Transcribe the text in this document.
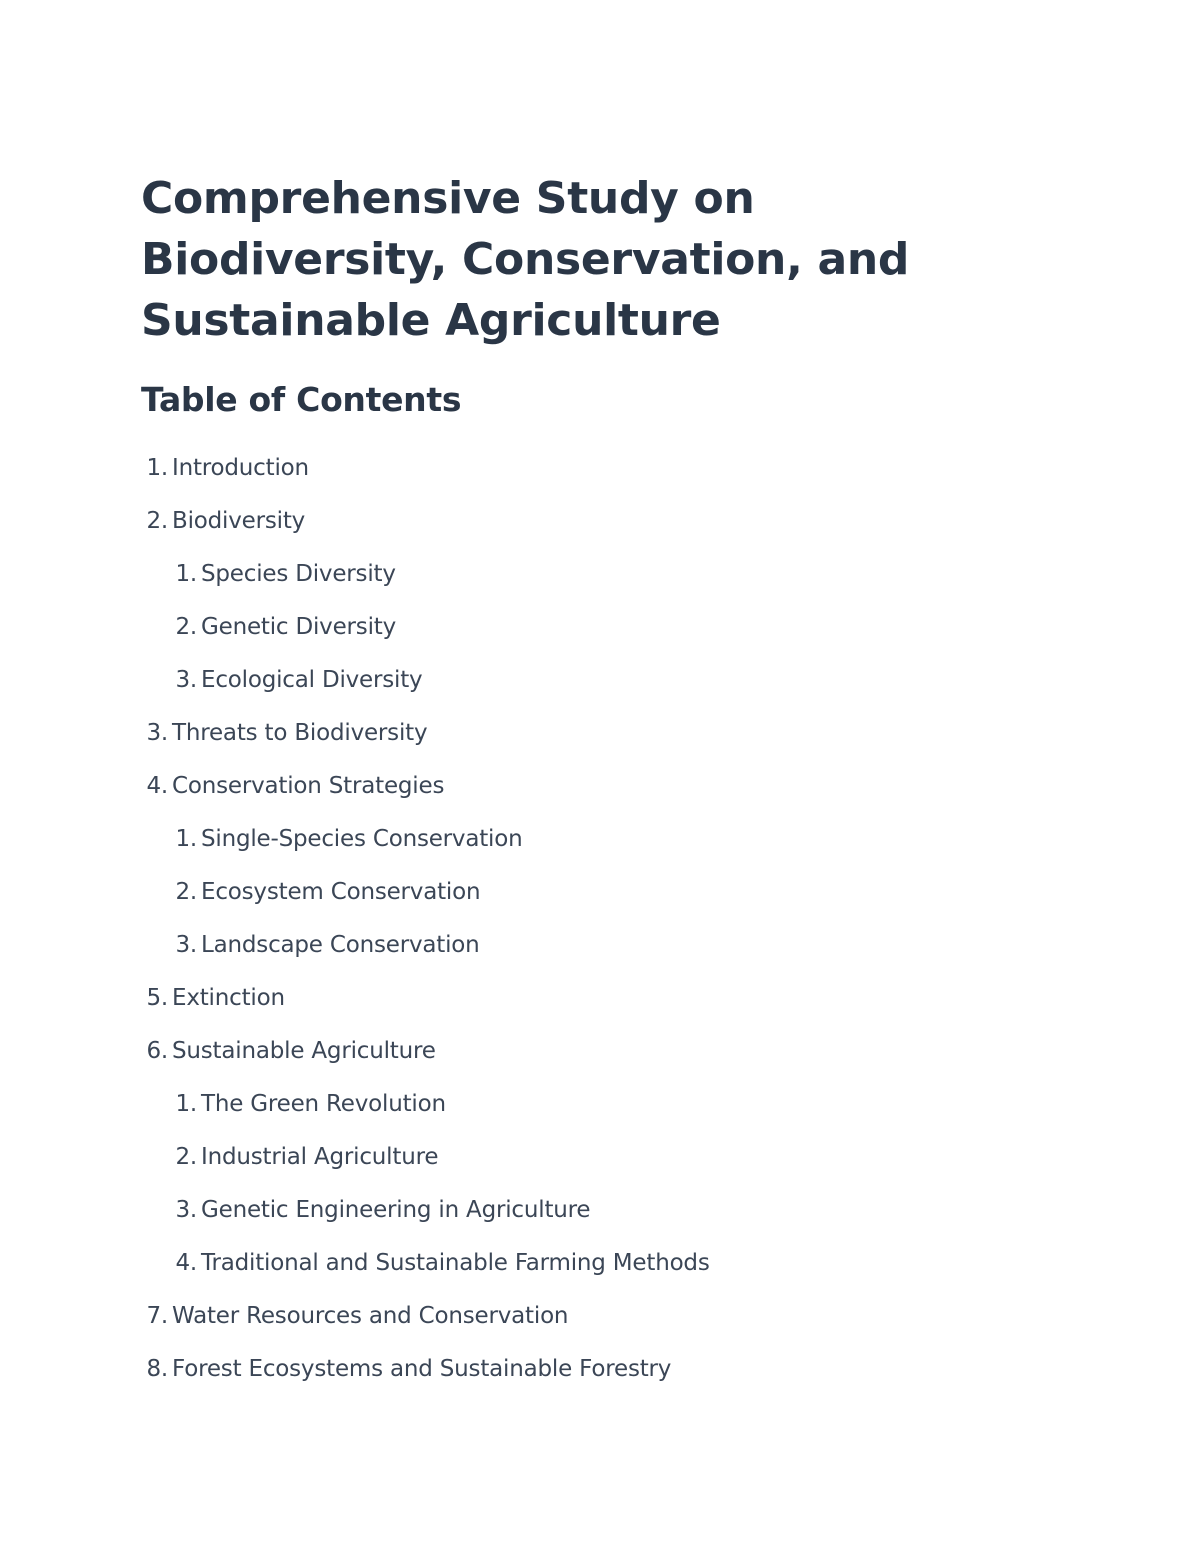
Comprehensive Study on Biodiversity, Conservation, and Sustainable Agriculture
Table of Contents
1. Introduction
2. Biodiversity
1. Species Diversity
2. Genetic Diversity
3. Ecological Diversity
3. Threats to Biodiversity
4. Conservation Strategies
1. Single-Species Conservation
2. Ecosystem Conservation
3. Landscape Conservation
5. Extinction
6. Sustainable Agriculture
1. The Green Revolution
2. Industrial Agriculture
3. Genetic Engineering in Agriculture
4. Traditional and Sustainable Farming Methods
7. Water Resources and Conservation
8. Forest Ecosystems and Sustainable Forestry
